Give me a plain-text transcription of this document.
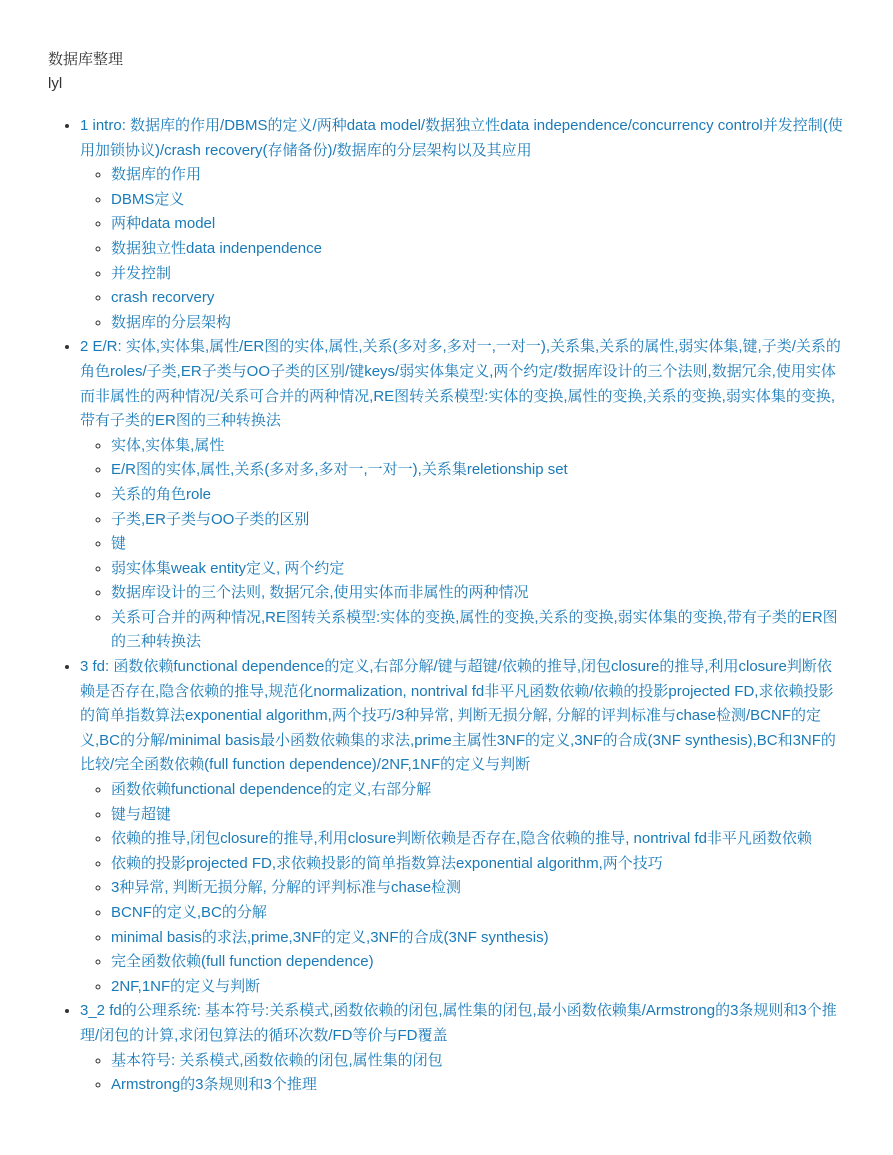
数据库整理

lyl

• 1 intro: 数据库的作用/DBMS的定义/两种data model/数据独立性data independence/concurrency control并发控制(使用加锁协议)/crash recovery(存储备份)/数据库的分层架构以及其应用
◦ 数据库的作用
◦ DBMS定义
◦ 两种data model
◦ 数据独立性data indenpendence
◦ 并发控制
◦ crash recorvery
◦ 数据库的分层架构
• 2 E/R: 实体,实体集,属性/ER图的实体,属性,关系(多对多,多对一,一对一),关系集,关系的属性,弱实体集,键,子类/关系的角色roles/子类,ER子类与OO子类的区别/键keys/弱实体集定义,两个约定/数据库设计的三个法则,数据冗余,使用实体而非属性的两种情况/关系可合并的两种情况,RE图转关系模型:实体的变换,属性的变换,关系的变换,弱实体集的变换,带有子类的ER图的三种转换法
◦ 实体,实体集,属性
◦ E/R图的实体,属性,关系(多对多,多对一,一对一),关系集reletionship set
◦ 关系的角色role
◦ 子类,ER子类与OO子类的区别
◦ 键
◦ 弱实体集weak entity定义, 两个约定
◦ 数据库设计的三个法则, 数据冗余,使用实体而非属性的两种情况
◦ 关系可合并的两种情况,RE图转关系模型:实体的变换,属性的变换,关系的变换,弱实体集的变换,带有子类的ER图的三种转换法
• 3 fd: 函数依赖functional dependence的定义,右部分解/键与超键/依赖的推导,闭包closure的推导,利用closure判断依赖是否存在,隐含依赖的推导,规范化normalization, nontrival fd非平凡函数依赖/依赖的投影projected FD,求依赖投影的简单指数算法exponential algorithm,两个技巧/3种异常, 判断无损分解, 分解的评判标准与chase检测/BCNF的定义,BC的分解/minimal basis最小函数依赖集的求法,prime主属性3NF的定义,3NF的合成(3NF synthesis),BC和3NF的比较/完全函数依赖(full function dependence)/2NF,1NF的定义与判断
◦ 函数依赖functional dependence的定义,右部分解
◦ 键与超键
◦ 依赖的推导,闭包closure的推导,利用closure判断依赖是否存在,隐含依赖的推导, nontrival fd非平凡函数依赖
◦ 依赖的投影projected FD,求依赖投影的简单指数算法exponential algorithm,两个技巧
◦ 3种异常, 判断无损分解, 分解的评判标准与chase检测
◦ BCNF的定义,BC的分解
◦ minimal basis的求法,prime,3NF的定义,3NF的合成(3NF synthesis)
◦ 完全函数依赖(full function dependence)
◦ 2NF,1NF的定义与判断
• 3_2 fd的公理系统: 基本符号:关系模式,函数依赖的闭包,属性集的闭包,最小函数依赖集/Armstrong的3条规则和3个推理/闭包的计算,求闭包算法的循环次数/FD等价与FD覆盖
◦ 基本符号: 关系模式,函数依赖的闭包,属性集的闭包
◦ Armstrong的3条规则和3个推理
